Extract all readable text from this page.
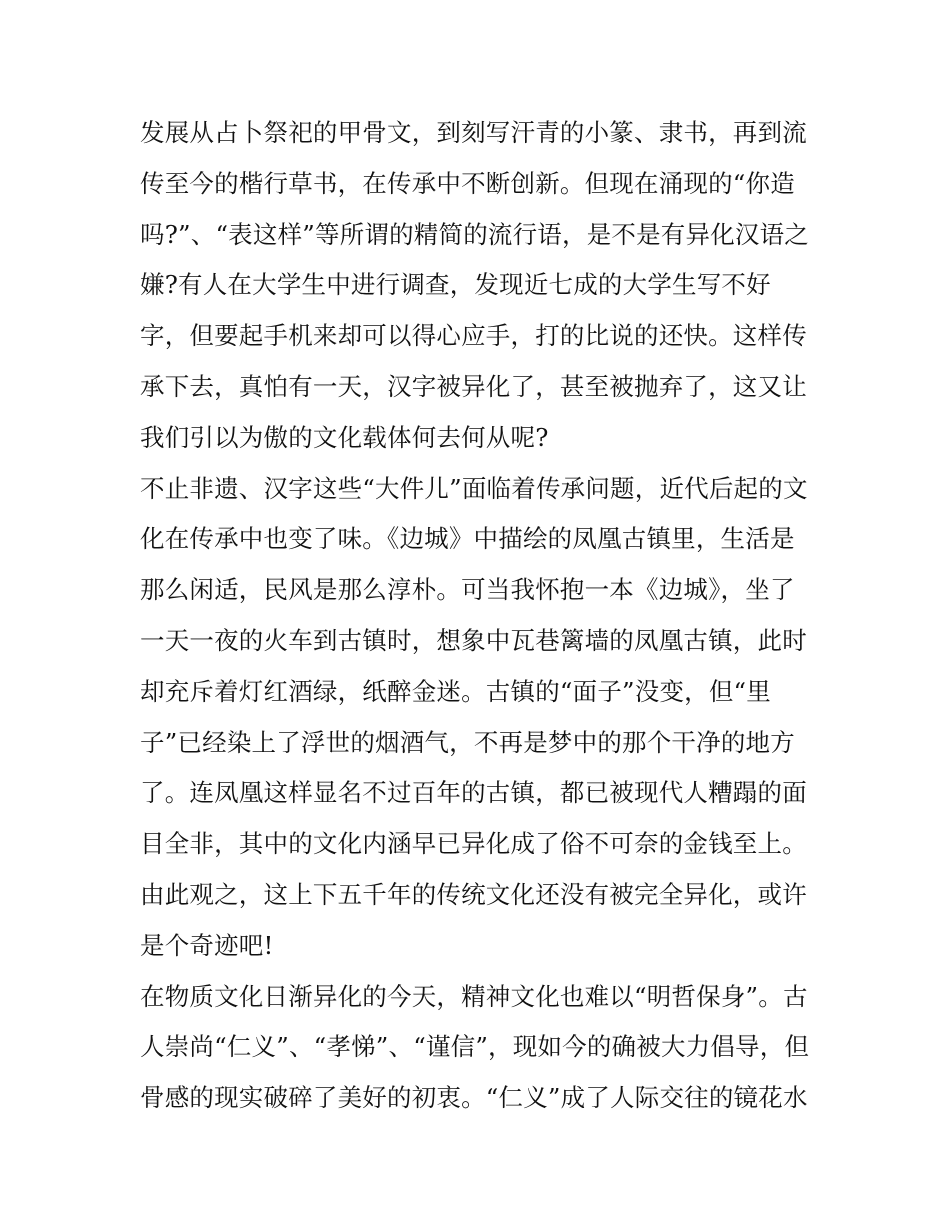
发展从占卜祭祀的甲骨文，到刻写汗青的小篆、隶书，再到流
传至今的楷行草书，在传承中不断创新。但现在涌现的“你造
吗?”、“表这样”等所谓的精简的流行语，是不是有异化汉语之
嫌?有人在大学生中进行调查，发现近七成的大学生写不好
字，但要起手机来却可以得心应手，打的比说的还快。这样传
承下去，真怕有一天，汉字被异化了，甚至被抛弃了，这又让
我们引以为傲的文化载体何去何从呢?
不止非遗、汉字这些“大件儿”面临着传承问题，近代后起的文
化在传承中也变了味。《边城》中描绘的凤凰古镇里，生活是
那么闲适，民风是那么淳朴。可当我怀抱一本《边城》，坐了
一天一夜的火车到古镇时，想象中瓦巷篱墙的凤凰古镇，此时
却充斥着灯红酒绿，纸醉金迷。古镇的“面子”没变，但“里
子”已经染上了浮世的烟酒气，不再是梦中的那个干净的地方
了。连凤凰这样显名不过百年的古镇，都已被现代人糟蹋的面
目全非，其中的文化内涵早已异化成了俗不可奈的金钱至上。
由此观之，这上下五千年的传统文化还没有被完全异化，或许
是个奇迹吧!
在物质文化日渐异化的今天，精神文化也难以“明哲保身”。古
人崇尚“仁义”、“孝悌”、“谨信”，现如今的确被大力倡导，但
骨感的现实破碎了美好的初衷。“仁义”成了人际交往的镜花水
